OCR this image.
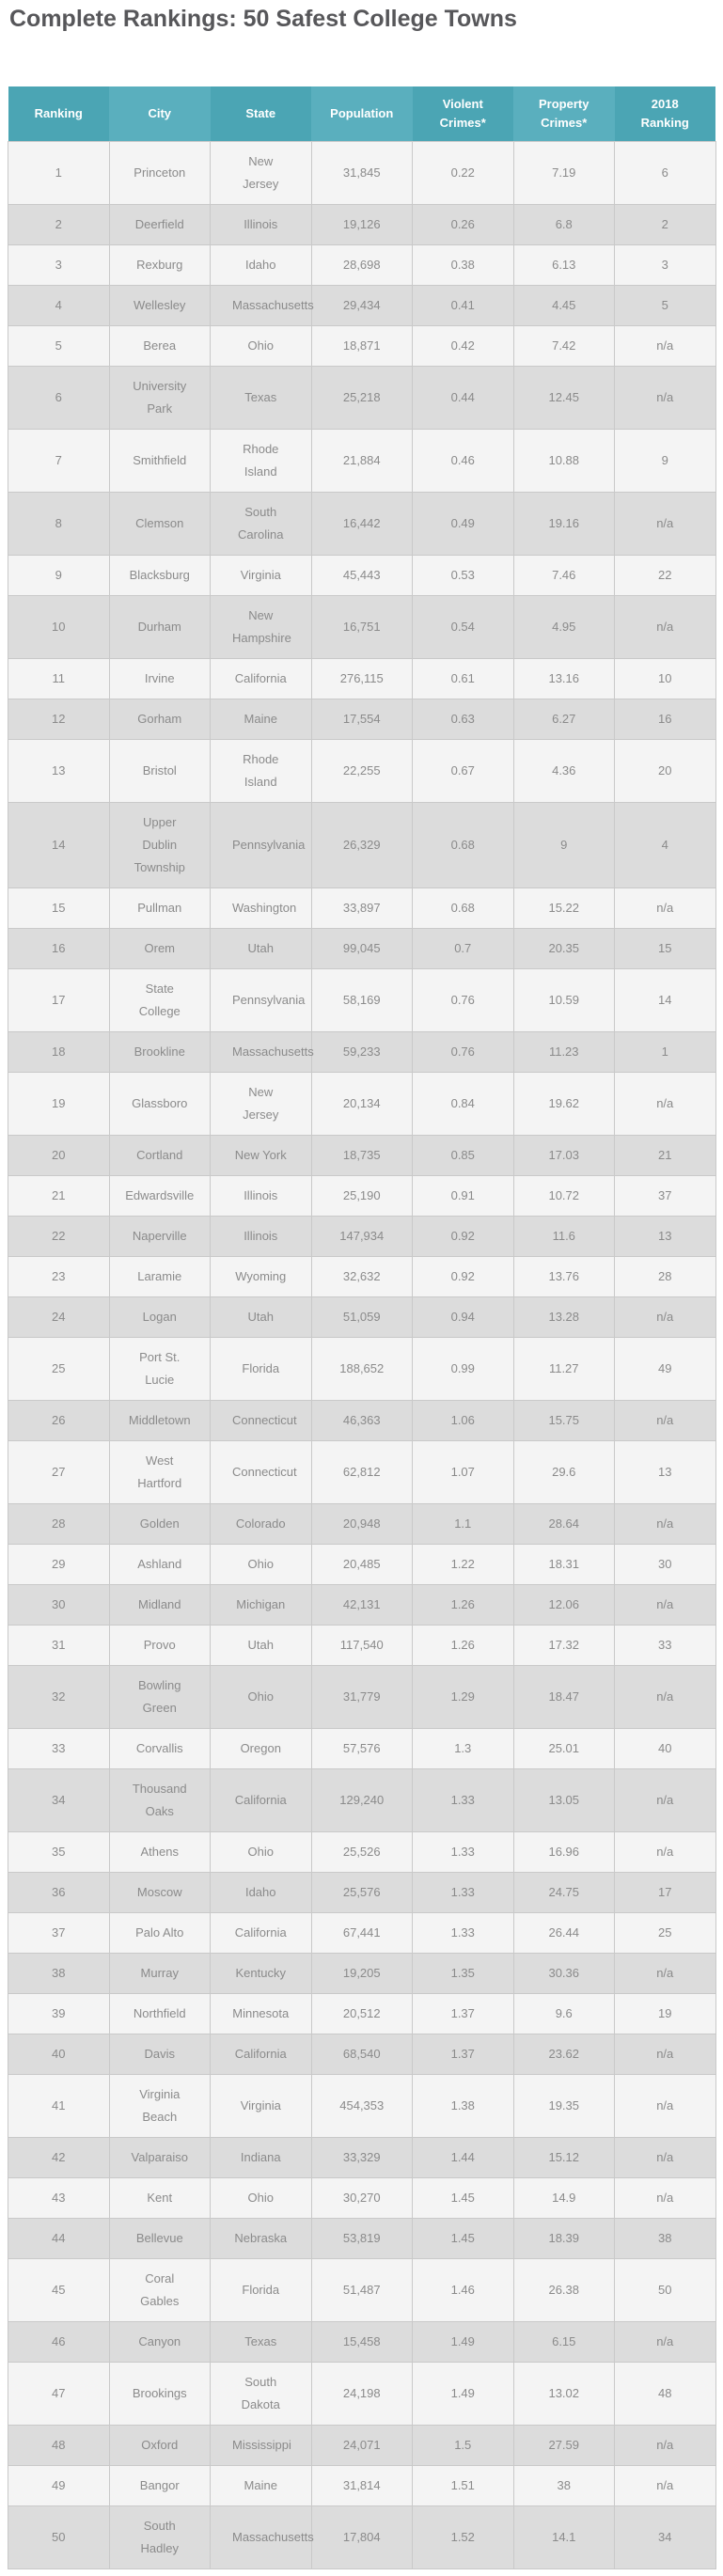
Complete Rankings: 50 Safest College Towns
Ranking	City	State	Population	Violent Crimes*	Property Crimes*	2018 Ranking
1	Princeton	New Jersey	31,845	0.22	7.19	6
2	Deerfield	Illinois	19,126	0.26	6.8	2
3	Rexburg	Idaho	28,698	0.38	6.13	3
4	Wellesley	Massachusetts	29,434	0.41	4.45	5
5	Berea	Ohio	18,871	0.42	7.42	n/a
6	University Park	Texas	25,218	0.44	12.45	n/a
7	Smithfield	Rhode Island	21,884	0.46	10.88	9
8	Clemson	South Carolina	16,442	0.49	19.16	n/a
9	Blacksburg	Virginia	45,443	0.53	7.46	22
10	Durham	New Hampshire	16,751	0.54	4.95	n/a
11	Irvine	California	276,115	0.61	13.16	10
12	Gorham	Maine	17,554	0.63	6.27	16
13	Bristol	Rhode Island	22,255	0.67	4.36	20
14	Upper Dublin Township	Pennsylvania	26,329	0.68	9	4
15	Pullman	Washington	33,897	0.68	15.22	n/a
16	Orem	Utah	99,045	0.7	20.35	15
17	State College	Pennsylvania	58,169	0.76	10.59	14
18	Brookline	Massachusetts	59,233	0.76	11.23	1
19	Glassboro	New Jersey	20,134	0.84	19.62	n/a
20	Cortland	New York	18,735	0.85	17.03	21
21	Edwardsville	Illinois	25,190	0.91	10.72	37
22	Naperville	Illinois	147,934	0.92	11.6	13
23	Laramie	Wyoming	32,632	0.92	13.76	28
24	Logan	Utah	51,059	0.94	13.28	n/a
25	Port St. Lucie	Florida	188,652	0.99	11.27	49
26	Middletown	Connecticut	46,363	1.06	15.75	n/a
27	West Hartford	Connecticut	62,812	1.07	29.6	13
28	Golden	Colorado	20,948	1.1	28.64	n/a
29	Ashland	Ohio	20,485	1.22	18.31	30
30	Midland	Michigan	42,131	1.26	12.06	n/a
31	Provo	Utah	117,540	1.26	17.32	33
32	Bowling Green	Ohio	31,779	1.29	18.47	n/a
33	Corvallis	Oregon	57,576	1.3	25.01	40
34	Thousand Oaks	California	129,240	1.33	13.05	n/a
35	Athens	Ohio	25,526	1.33	16.96	n/a
36	Moscow	Idaho	25,576	1.33	24.75	17
37	Palo Alto	California	67,441	1.33	26.44	25
38	Murray	Kentucky	19,205	1.35	30.36	n/a
39	Northfield	Minnesota	20,512	1.37	9.6	19
40	Davis	California	68,540	1.37	23.62	n/a
41	Virginia Beach	Virginia	454,353	1.38	19.35	n/a
42	Valparaiso	Indiana	33,329	1.44	15.12	n/a
43	Kent	Ohio	30,270	1.45	14.9	n/a
44	Bellevue	Nebraska	53,819	1.45	18.39	38
45	Coral Gables	Florida	51,487	1.46	26.38	50
46	Canyon	Texas	15,458	1.49	6.15	n/a
47	Brookings	South Dakota	24,198	1.49	13.02	48
48	Oxford	Mississippi	24,071	1.5	27.59	n/a
49	Bangor	Maine	31,814	1.51	38	n/a
50	South Hadley	Massachusetts	17,804	1.52	14.1	34
